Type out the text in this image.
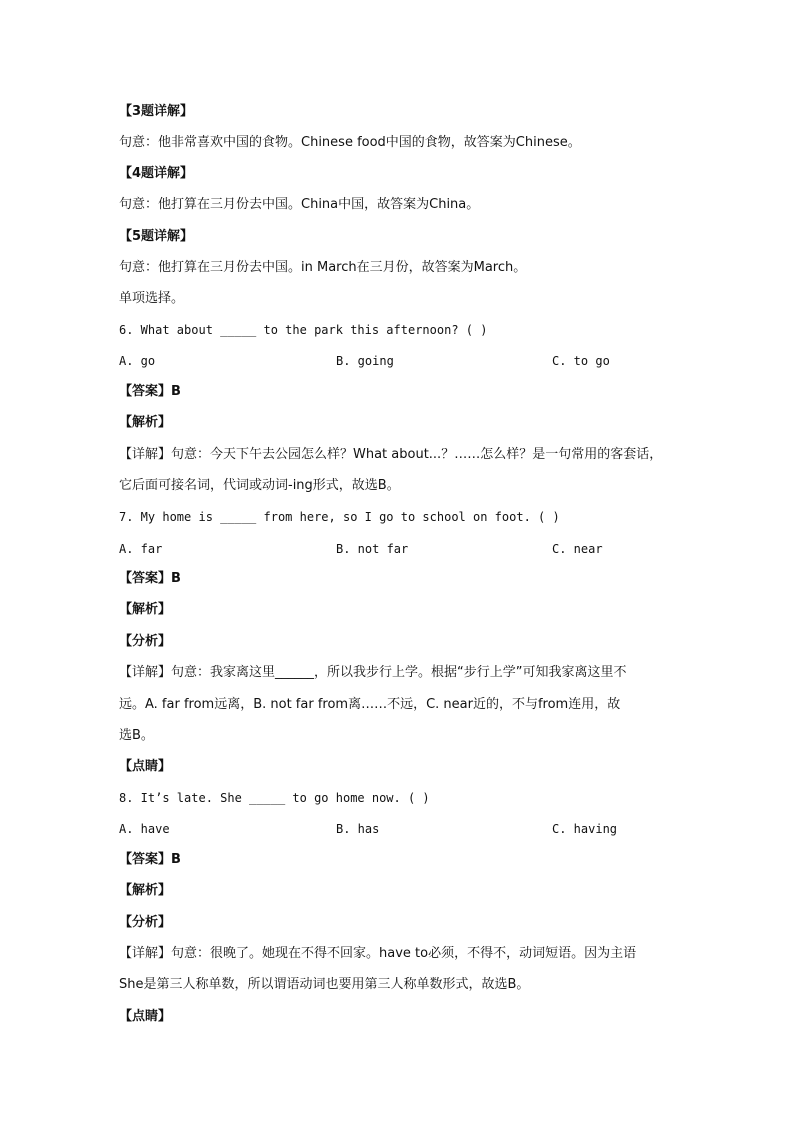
【3题详解】
句意：他非常喜欢中国的食物。Chinese food中国的食物，故答案为Chinese。
【4题详解】
句意：他打算在三月份去中国。China中国，故答案为China。
【5题详解】
句意：他打算在三月份去中国。in March在三月份，故答案为March。
单项选择。
6. What about _____ to the park this afternoon? ( )
A. go	B. going	C. to go
【答案】B
【解析】
【详解】句意：今天下午去公园怎么样？What about...？……怎么样？是一句常用的客套话，
它后面可接名词，代词或动词-ing形式，故选B。
7. My home is _____ from here, so I go to school on foot. ( )
A. far	B. not far	C. near
【答案】B
【解析】
【分析】
【详解】句意：我家离这里______，所以我步行上学。根据“步行上学”可知我家离这里不
远。A. far from远离，B. not far from离……不远，C. near近的，不与from连用，故
选B。
【点睛】
8. It’s late. She _____ to go home now. ( )
A. have	B. has	C. having
【答案】B
【解析】
【分析】
【详解】句意：很晚了。她现在不得不回家。have to必须，不得不，动词短语。因为主语
She是第三人称单数，所以谓语动词也要用第三人称单数形式，故选B。
【点睛】
